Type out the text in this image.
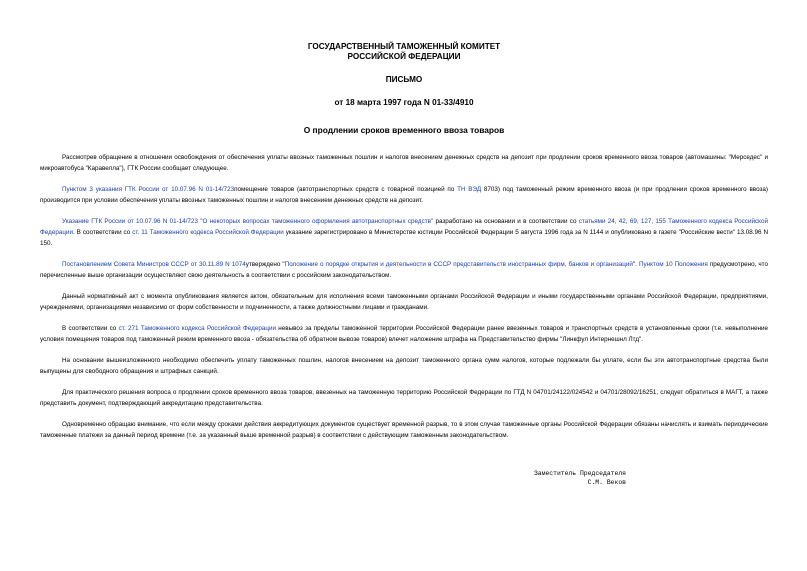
ГОСУДАРСТВЕННЫЙ ТАМОЖЕННЫЙ КОМИТЕТ
РОССИЙСКОЙ ФЕДЕРАЦИИ
ПИСЬМО
от 18 марта 1997 года N 01-33/4910
О продлении сроков временного ввоза товаров

Рассмотрев обращение в отношении освобождения от обеспечения уплаты ввозных таможенных пошлин и налогов внесением денежных средств на депозит при продлении сроков временного ввоза товаров (автомашины: "Мерседес" и микроавтобуса "Каравелла"), ГТК России сообщает следующее.

Пунктом 3 указания ГТК России от 10.07.96 N 01-14/723помещение товаров (автотранспортных средств с товарной позицией по ТН ВЭД 8703) под таможенный режим временного ввоза (и при продлении сроков временного ввоза) производится при условии обеспечения уплаты ввозных таможенных пошлин и налогов внесением денежных средств на депозит.

Указание ГТК России от 10.07.96 N 01-14/723 "О некоторых вопросах таможенного оформления автотранспортных средств" разработано на основании и в соответствии со статьями 24, 42, 69, 127, 155 Таможенного кодекса Российской Федерации. В соответствии со ст. 11 Таможенного кодекса Российской Федерации указание зарегистрировано в Министерстве юстиции Российской Федерации 5 августа 1996 года за N 1144 и опубликовано в газете "Российские вести" 13.08.96 N 150.

Постановлением Совета Министров СССР от 30.11.89 N 1074утверждено "Положение о порядке открытия и деятельности в СССР представительств иностранных фирм, банков и организаций". Пунктом 10 Положения предусмотрено, что перечисленные выше организации осуществляют свою деятельность в соответствии с российским законодательством.

Данный нормативный акт с момента опубликования является актом, обязательным для исполнения всеми таможенными органами Российской Федерации и иными государственными органами Российской Федерации, предприятиями, учреждениями, организациями независимо от форм собственности и подчиненности, а также должностными лицами и гражданами.

В соответствии со ст. 271 Таможенного кодекса Российской Федерации невывоз за пределы таможенной территории Российской Федерации ранее ввезенных товаров и транспортных средств в установленные сроки (т.е. невыполнение условия помещения товаров под таможенный режим временного ввоза - обязательства об обратном вывозе товаров) влечет наложение штрафа на Представительство фирмы "Линкфул Интернешнл Лтд".

На основании вышеизложенного необходимо обеспечить уплату таможенных пошлин, налогов внесением на депозит таможенного органа сумм налогов, которые подлежали бы уплате, если бы эти автотранспортные средства были выпущены для свободного обращения и штрафных санкций.

Для практического решения вопроса о продлении сроков временного ввоза товаров, ввезенных на таможенную территорию Российской Федерации по ГТД N 04701/24122/024542 и 04701/28092/16251, следует обратиться в МАГТ, а также представить документ, подтверждающий аккредитацию представительства.

Одновременно обращаю внимание, что если между сроками действия аккредитующих документов существует временной разрыв, то в этом случае таможенные органы Российской Федерации обязаны начислять и взимать периодические таможенные платежи за данный период времени (т.е. за указанный выше временной разрыв) в соответствии с действующим таможенным законодательством.

Заместитель Председателя
С.М. Веков
